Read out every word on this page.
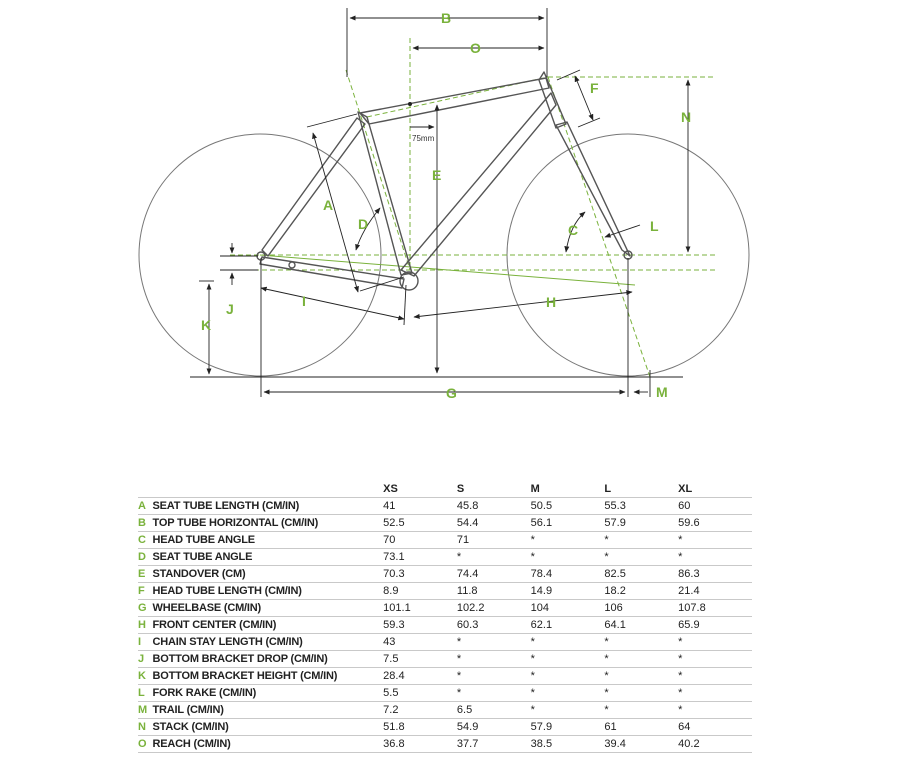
B
O
F
N
E
A
D	C	L
I	H
J
K
G	M
75mm
		XS	S	M	L	XL
A	SEAT TUBE LENGTH (CM/IN)	41	45.8	50.5	55.3	60
B	TOP TUBE HORIZONTAL (CM/IN)	52.5	54.4	56.1	57.9	59.6
C	HEAD TUBE ANGLE	70	71	*	*	*
D	SEAT TUBE ANGLE	73.1	*	*	*	*
E	STANDOVER (CM)	70.3	74.4	78.4	82.5	86.3
F	HEAD TUBE LENGTH (CM/IN)	8.9	11.8	14.9	18.2	21.4
G	WHEELBASE (CM/IN)	101.1	102.2	104	106	107.8
H	FRONT CENTER (CM/IN)	59.3	60.3	62.1	64.1	65.9
I	CHAIN STAY LENGTH (CM/IN)	43	*	*	*	*
J	BOTTOM BRACKET DROP (CM/IN)	7.5	*	*	*	*
K	BOTTOM BRACKET HEIGHT (CM/IN)	28.4	*	*	*	*
L	FORK RAKE (CM/IN)	5.5	*	*	*	*
M	TRAIL (CM/IN)	7.2	6.5	*	*	*
N	STACK (CM/IN)	51.8	54.9	57.9	61	64
O	REACH (CM/IN)	36.8	37.7	38.5	39.4	40.2
